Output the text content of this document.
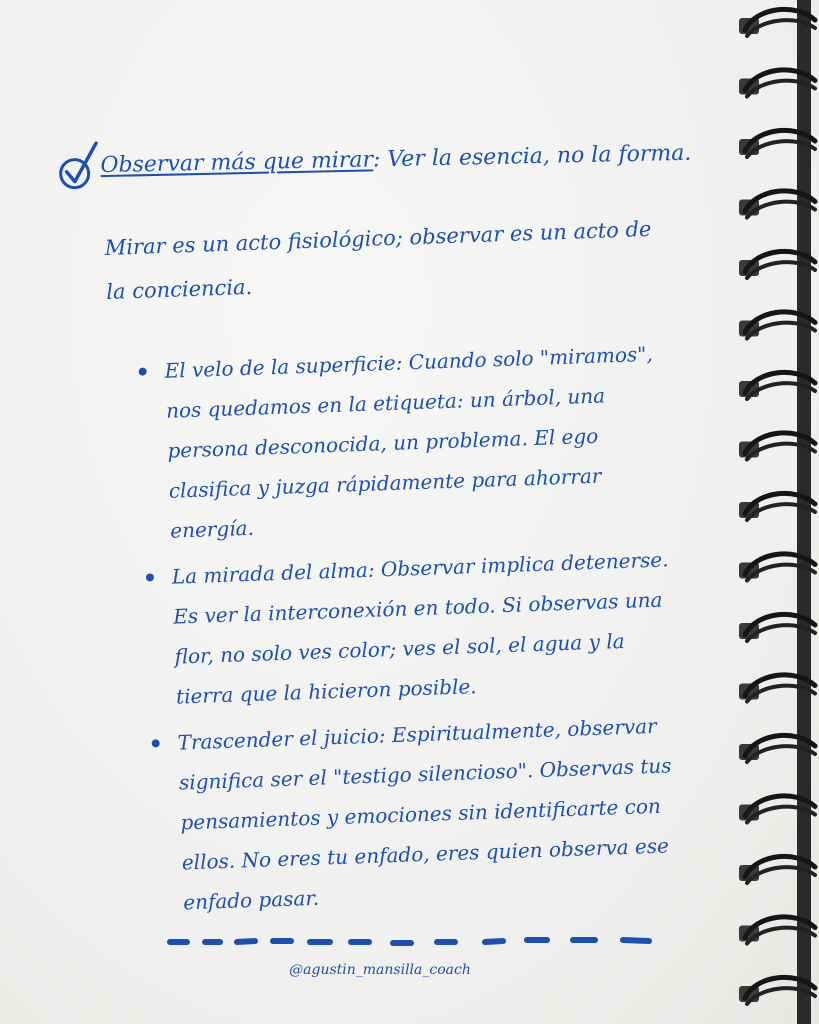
Observar más que mirar: Ver la esencia, no la forma.
Mirar es un acto fisiológico; observar es un acto de la conciencia.
El velo de la superficie: Cuando solo "miramos", nos quedamos en la etiqueta: un árbol, una persona desconocida, un problema. El ego clasifica y juzga rápidamente para ahorrar energía.
La mirada del alma: Observar implica detenerse. Es ver la interconexión en todo. Si observas una flor, no solo ves color; ves el sol, el agua y la tierra que la hicieron posible.
Trascender el juicio: Espiritualmente, observar significa ser el "testigo silencioso". Observas tus pensamientos y emociones sin identificarte con ellos. No eres tu enfado, eres quien observa ese enfado pasar.
@agustin_mansilla_coach
